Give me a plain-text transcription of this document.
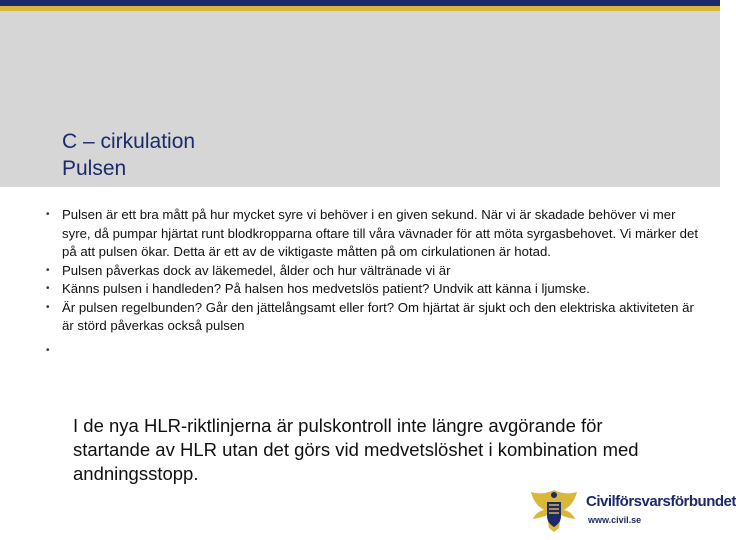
C – cirkulation
Pulsen
• Pulsen är ett bra mått på hur mycket syre vi behöver i en given sekund. När vi är skadade behöver vi mer syre, då pumpar hjärtat runt blodkropparna oftare till våra vävnader för att möta syrgasbehovet. Vi märker det på att pulsen ökar. Detta är ett av de viktigaste måtten på om cirkulationen är hotad.
• Pulsen påverkas dock av läkemedel, ålder och hur vältränade vi är
• Känns pulsen i handleden? På halsen hos medvetslös patient? Undvik att känna i ljumske.
• Är pulsen regelbunden? Går den jättelångsamt eller fort? Om hjärtat är sjukt och den elektriska aktiviteten är är störd påverkas också pulsen
•

I de nya HLR-riktlinjerna är pulskontroll inte längre avgörande för startande av HLR utan det görs vid medvetslöshet i kombination med andningsstopp.

Civilförsvarsförbundet
www.civil.se
